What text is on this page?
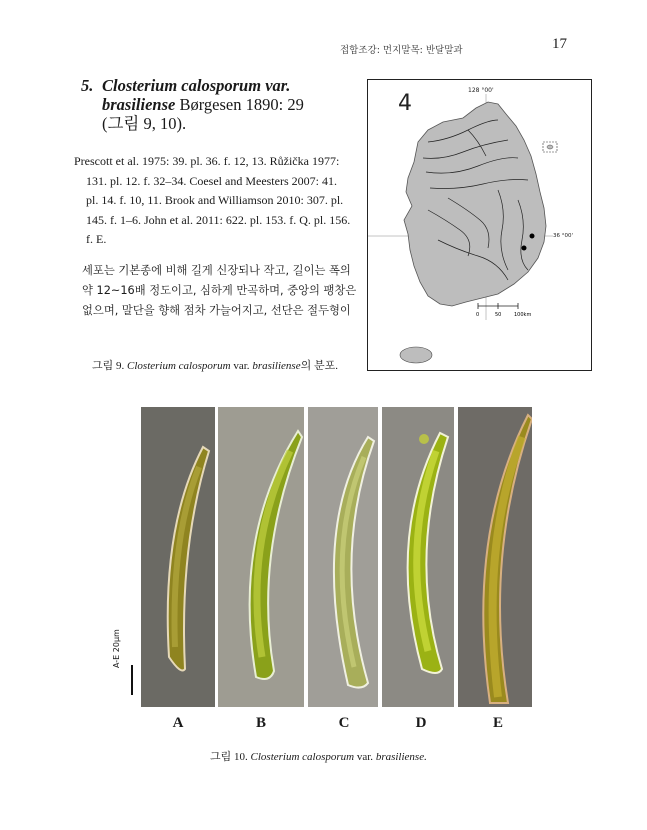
접합조강: 먼지말목: 반달말과	17
5. Closterium calosporum var.
brasiliense Børgesen 1890: 29
(그림 9, 10).
Prescott et al. 1975: 39. pl. 36. f. 12, 13. Růžička 1977:
131. pl. 12. f. 32–34. Coesel and Meesters 2007: 41.
pl. 14. f. 10, 11. Brook and Williamson 2010: 307. pl.
145. f. 1–6. John et al. 2011: 622. pl. 153. f. Q. pl. 156.
f. E.
세포는 기본종에 비해 길게 신장되나 작고, 길이는 폭의
약 12~16배 정도이고, 심하게 만곡하며, 중앙의 팽창은
없으며, 말단을 향해 점차 가늘어지고, 선단은 절두형이
4
128 °00'
36 °00'
0	50	100km
그림 9. Closterium calosporum var. brasiliense의 분포.
A-E 20μm
A	B	C	D	E
그림 10. Closterium calosporum var. brasiliense.
